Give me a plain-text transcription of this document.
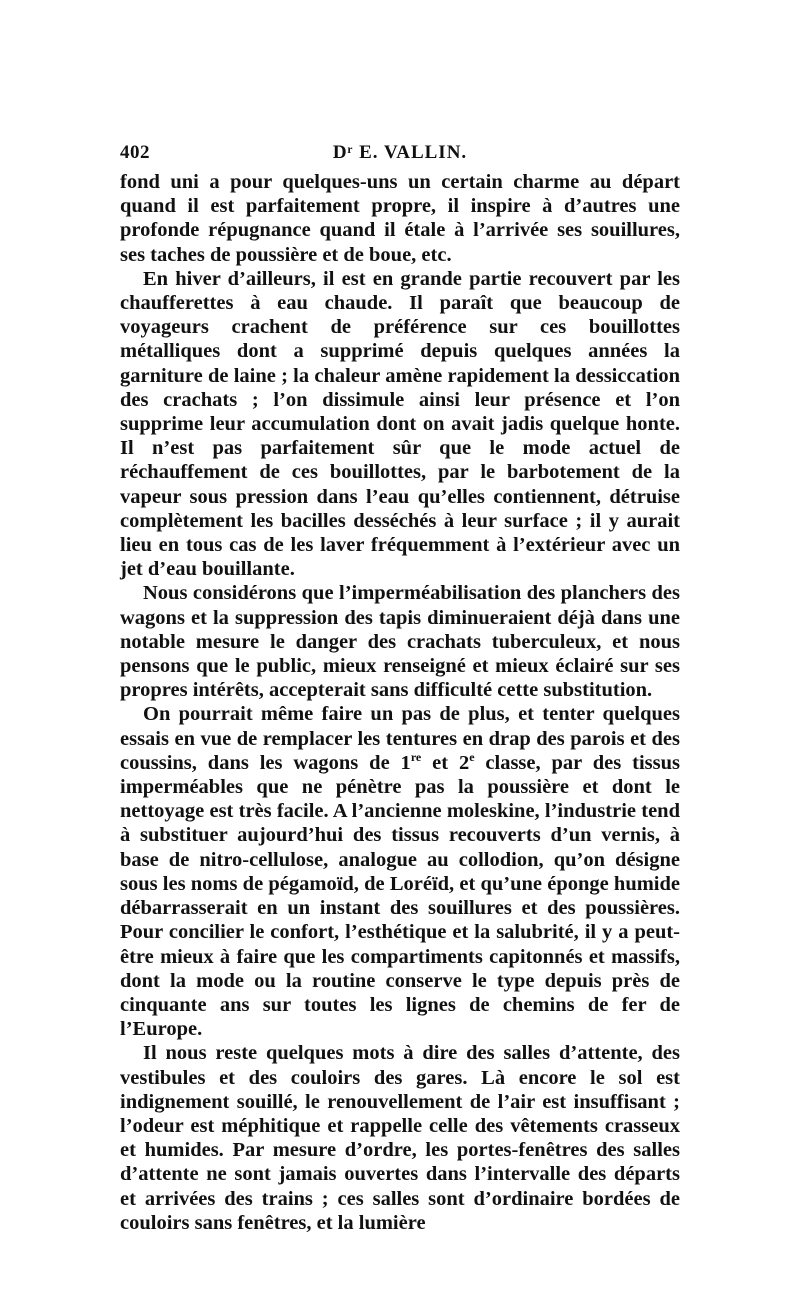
402	Dʳ E. VALLIN.

fond uni a pour quelques-uns un certain charme au départ quand il est parfaitement propre, il inspire à d’autres une profonde répugnance quand il étale à l’arrivée ses souillures, ses taches de poussière et de boue, etc.

En hiver d’ailleurs, il est en grande partie recouvert par les chaufferettes à eau chaude. Il paraît que beaucoup de voyageurs crachent de préférence sur ces bouillottes métalliques dont a supprimé depuis quelques années la garniture de laine ; la chaleur amène rapidement la dessiccation des crachats ; l’on dissimule ainsi leur présence et l’on supprime leur accumulation dont on avait jadis quelque honte. Il n’est pas parfaitement sûr que le mode actuel de réchauffement de ces bouillottes, par le barbotement de la vapeur sous pression dans l’eau qu’elles contiennent, détruise complètement les bacilles desséchés à leur surface ; il y aurait lieu en tous cas de les laver fréquemment à l’extérieur avec un jet d’eau bouillante.

Nous considérons que l’imperméabilisation des planchers des wagons et la suppression des tapis diminueraient déjà dans une notable mesure le danger des crachats tuberculeux, et nous pensons que le public, mieux renseigné et mieux éclairé sur ses propres intérêts, accepterait sans difficulté cette substitution.

On pourrait même faire un pas de plus, et tenter quelques essais en vue de remplacer les tentures en drap des parois et des coussins, dans les wagons de 1re et 2e classe, par des tissus imperméables que ne pénètre pas la poussière et dont le nettoyage est très facile. A l’ancienne moleskine, l’industrie tend à substituer aujourd’hui des tissus recouverts d’un vernis, à base de nitro-cellulose, analogue au collodion, qu’on désigne sous les noms de pégamoïd, de Loréïd, et qu’une éponge humide débarrasserait en un instant des souillures et des poussières. Pour concilier le confort, l’esthétique et la salubrité, il y a peut-être mieux à faire que les compartiments capitonnés et massifs, dont la mode ou la routine conserve le type depuis près de cinquante ans sur toutes les lignes de chemins de fer de l’Europe.

Il nous reste quelques mots à dire des salles d’attente, des vestibules et des couloirs des gares. Là encore le sol est indignement souillé, le renouvellement de l’air est insuffisant ; l’odeur est méphitique et rappelle celle des vêtements crasseux et humides. Par mesure d’ordre, les portes-fenêtres des salles d’attente ne sont jamais ouvertes dans l’intervalle des départs et arrivées des trains ; ces salles sont d’ordinaire bordées de couloirs sans fenêtres, et la lumière
